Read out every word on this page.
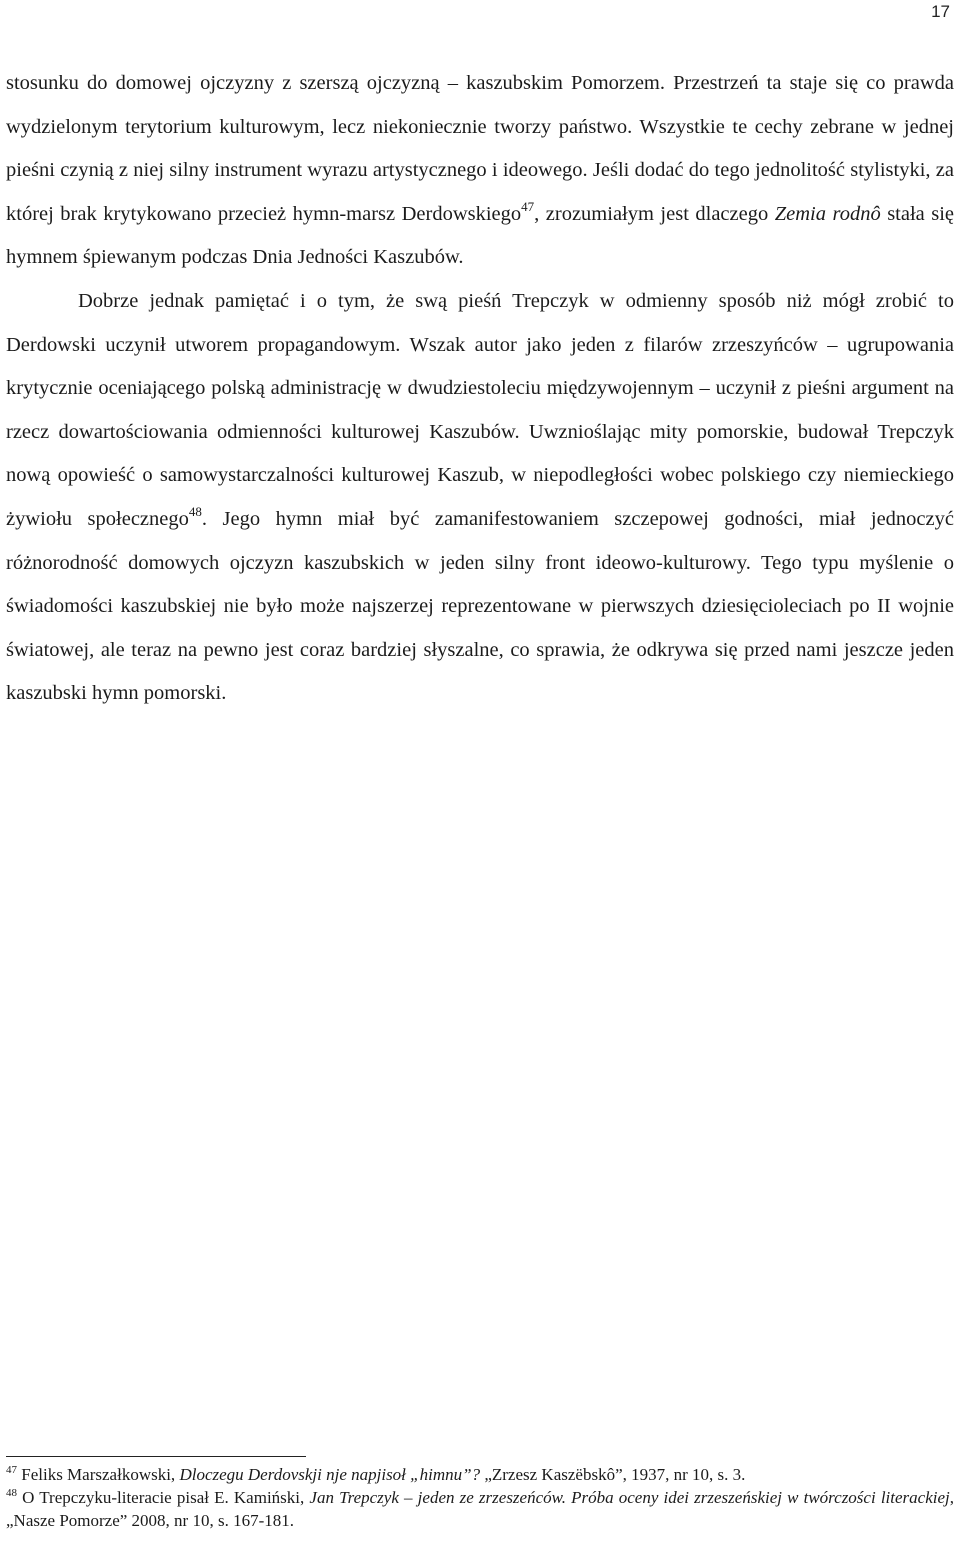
17

stosunku do domowej ojczyzny z szerszą ojczyzną – kaszubskim Pomorzem. Przestrzeń ta staje się co prawda wydzielonym terytorium kulturowym, lecz niekoniecznie tworzy państwo. Wszystkie te cechy zebrane w jednej pieśni czynią z niej silny instrument wyrazu artystycznego i ideowego. Jeśli dodać do tego jednolitość stylistyki, za której brak krytykowano przecież hymn-marsz Derdowskiego$^{47}$, zrozumiałym jest dlaczego Zemia rodnô stała się hymnem śpiewanym podczas Dnia Jedności Kaszubów.

Dobrze jednak pamiętać i o tym, że swą pieśń Trepczyk w odmienny sposób niż mógł zrobić to Derdowski uczynił utworem propagandowym. Wszak autor jako jeden z filarów zrzeszyńców – ugrupowania krytycznie oceniającego polską administrację w dwudziestoleciu międzywojennym – uczynił z pieśni argument na rzecz dowartościowania odmienności kulturowej Kaszubów. Uwznioślając mity pomorskie, budował Trepczyk nową opowieść o samowystarczalności kulturowej Kaszub, w niepodległości wobec polskiego czy niemieckiego żywiołu społecznego$^{48}$. Jego hymn miał być zamanifestowaniem szczepowej godności, miał jednoczyć różnorodność domowych ojczyzn kaszubskich w jeden silny front ideowo-kulturowy. Tego typu myślenie o świadomości kaszubskiej nie było może najszerzej reprezentowane w pierwszych dziesięcioleciach po II wojnie światowej, ale teraz na pewno jest coraz bardziej słyszalne, co sprawia, że odkrywa się przed nami jeszcze jeden kaszubski hymn pomorski.

$^{47}$ Feliks Marszałkowski, Dloczegu Derdovskji nje napjisoł „himnu”? „Zrzesz Kaszëbskô”, 1937, nr 10, s. 3.

$^{48}$ O Trepczyku-literacie pisał E. Kamiński, Jan Trepczyk – jeden ze zrzeszeńców. Próba oceny idei zrzeszeńskiej w twórczości literackiej, „Nasze Pomorze” 2008, nr 10, s. 167-181.
